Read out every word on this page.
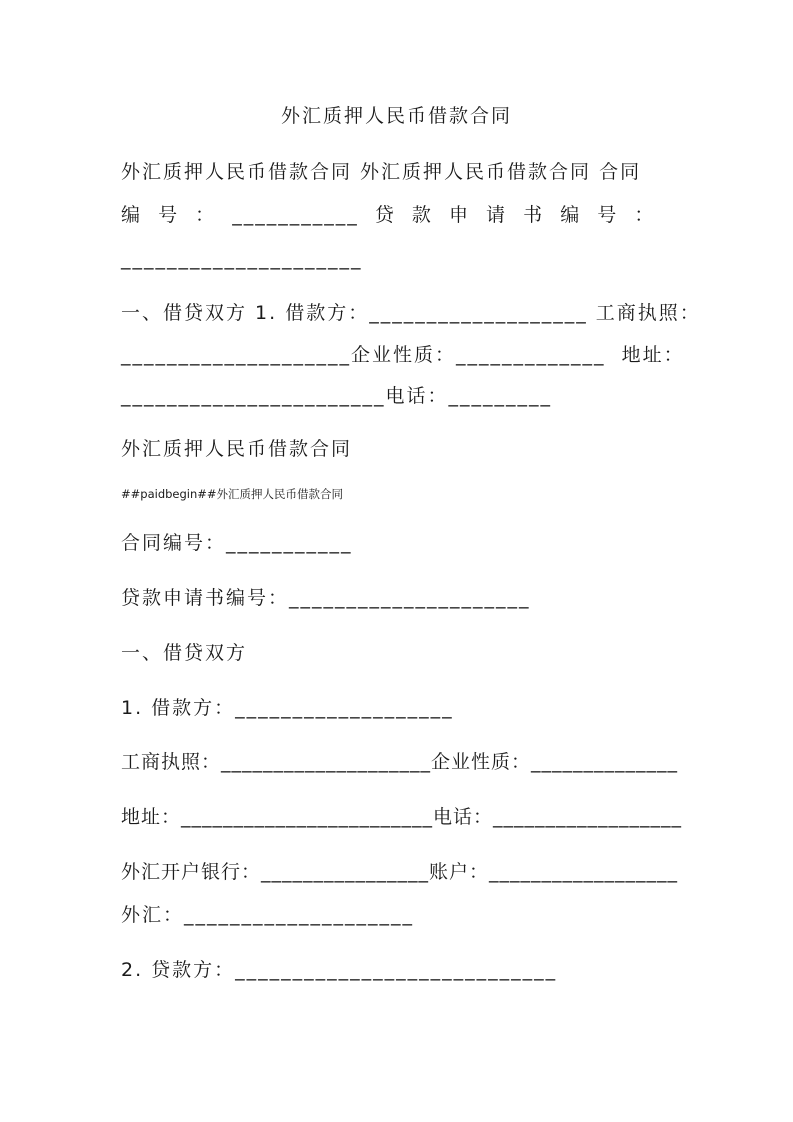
外汇质押人民币借款合同
外汇质押人民币借款合同 外汇质押人民币借款合同 合同
编  号  ：  ___________  贷  款  申  请  书  编  号  ：
_____________________
一、借贷双方 1. 借款方：___________________ 工商执照：
____________________企业性质：_____________  地址：
_______________________电话：_________
外汇质押人民币借款合同
##paidbegin##外汇质押人民币借款合同
合同编号：___________
贷款申请书编号：_____________________
一、借贷双方
1. 借款方：___________________
工商执照：____________________企业性质：______________
地址：________________________电话：__________________
外汇开户银行：________________账户：__________________
外汇：____________________
2. 贷款方：____________________________
